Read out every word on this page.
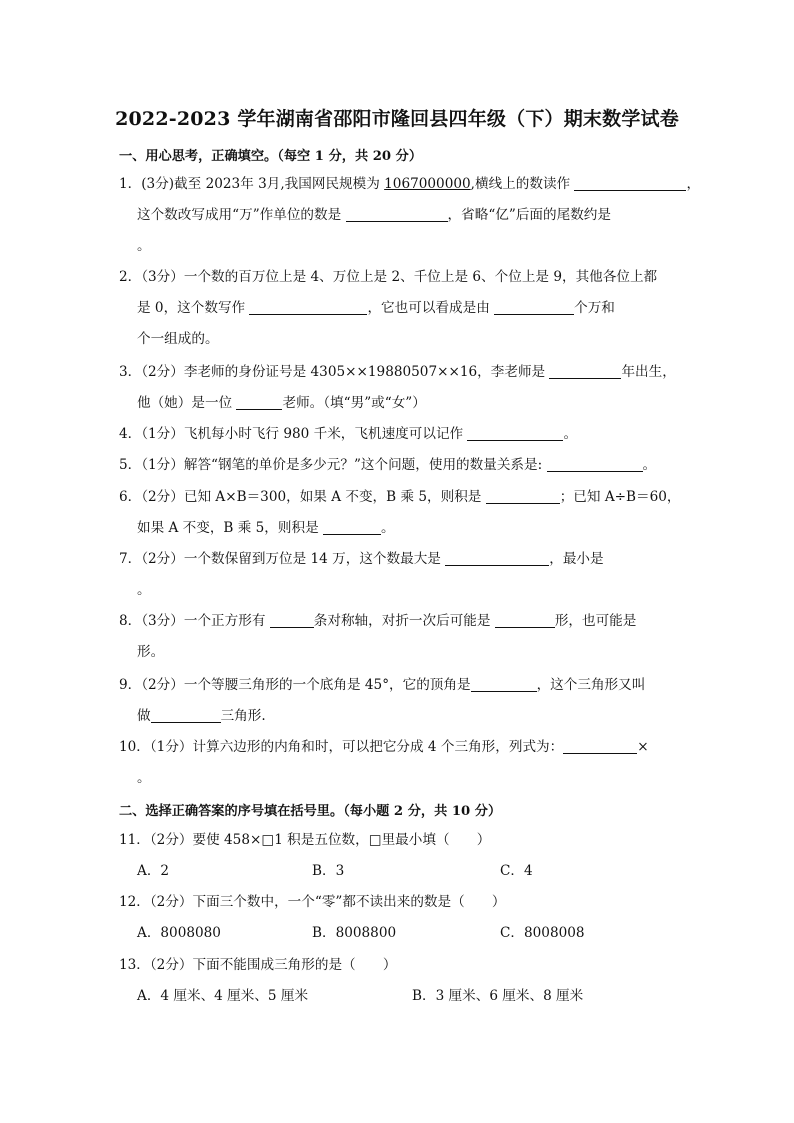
2022-2023 学年湖南省邵阳市隆回县四年级（下）期末数学试卷
一、用心思考，正确填空。（每空 1 分，共 20 分）
1．(3分)截至 2023年 3月,我国网民规模为 1067000000,横线上的数读作	，
这个数改写成用“万”作单位的数是	，省略“亿”后面的尾数约是
。
2．（3分）一个数的百万位上是 4、万位上是 2、千位上是 6、个位上是 9，其他各位上都
是 0，这个数写作	，它也可以看成是由	个万和
个一组成的。
3．（2分）李老师的身份证号是 4305××19880507××16，李老师是	年出生，
他（她）是一位	老师。（填“男”或“女”）
4．（1分）飞机每小时飞行 980 千米，飞机速度可以记作	。
5．（1分）解答“钢笔的单价是多少元？”这个问题，使用的数量关系是:	。
6．（2分）已知 A×B＝300，如果 A 不变，B 乘 5，则积是	；已知 A÷B＝60，
如果 A 不变，B 乘 5，则积是	。
7．（2分）一个数保留到万位是 14 万，这个数最大是	，最小是
。
8．（3分）一个正方形有	条对称轴，对折一次后可能是	形，也可能是
形。
9．（2分）一个等腰三角形的一个底角是 45°，它的顶角是	，这个三角形又叫
做	三角形.
10．（1分）计算六边形的内角和时，可以把它分成 4 个三角形，列式为：	×
。
二、选择正确答案的序号填在括号里。（每小题 2 分，共 10 分）
11．（2分）要使 458×□1 积是五位数，□里最小填（　　）
A．2	B．3	C．4
12．（2分）下面三个数中，一个“零”都不读出来的数是（　　）
A．8008080	B．8008800	C．8008008
13．（2分）下面不能围成三角形的是（　　）
A．4 厘米、4 厘米、5 厘米	B．3 厘米、6 厘米、8 厘米
